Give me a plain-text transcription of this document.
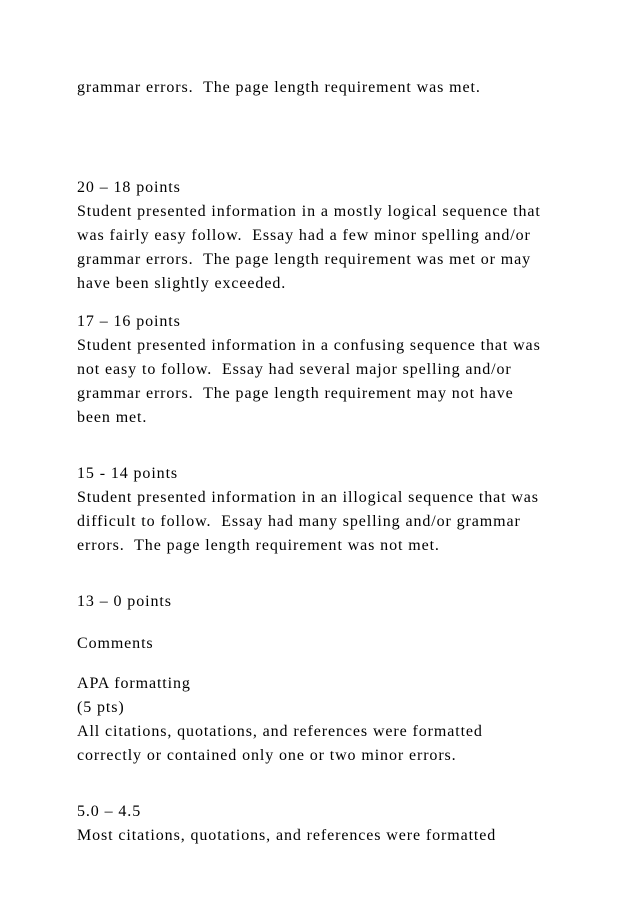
grammar errors.  The page length requirement was met.
20 – 18 points
Student presented information in a mostly logical sequence that
was fairly easy follow.  Essay had a few minor spelling and/or
grammar errors.  The page length requirement was met or may
have been slightly exceeded.
17 – 16 points
Student presented information in a confusing sequence that was
not easy to follow.  Essay had several major spelling and/or
grammar errors.  The page length requirement may not have
been met.
15 - 14 points
Student presented information in an illogical sequence that was
difficult to follow.  Essay had many spelling and/or grammar
errors.  The page length requirement was not met.
13 – 0 points
Comments
APA formatting
(5 pts)
All citations, quotations, and references were formatted
correctly or contained only one or two minor errors.
5.0 – 4.5
Most citations, quotations, and references were formatted
